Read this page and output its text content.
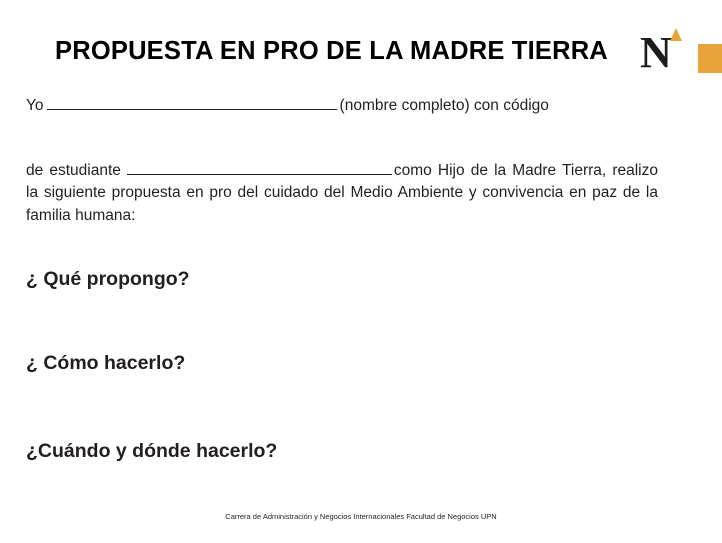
PROPUESTA EN PRO DE LA MADRE TIERRA N
Yo	(nombre completo) con código
de estudiante	como Hijo de la Madre Tierra, realizo la siguiente propuesta en pro del cuidado del Medio Ambiente y convivencia en paz de la familia humana:
¿ Qué propongo?
¿ Cómo hacerlo?
¿Cuándo y dónde hacerlo?
Carrera de Administración y Negocios Internacionales Facultad de Negocios UPN
